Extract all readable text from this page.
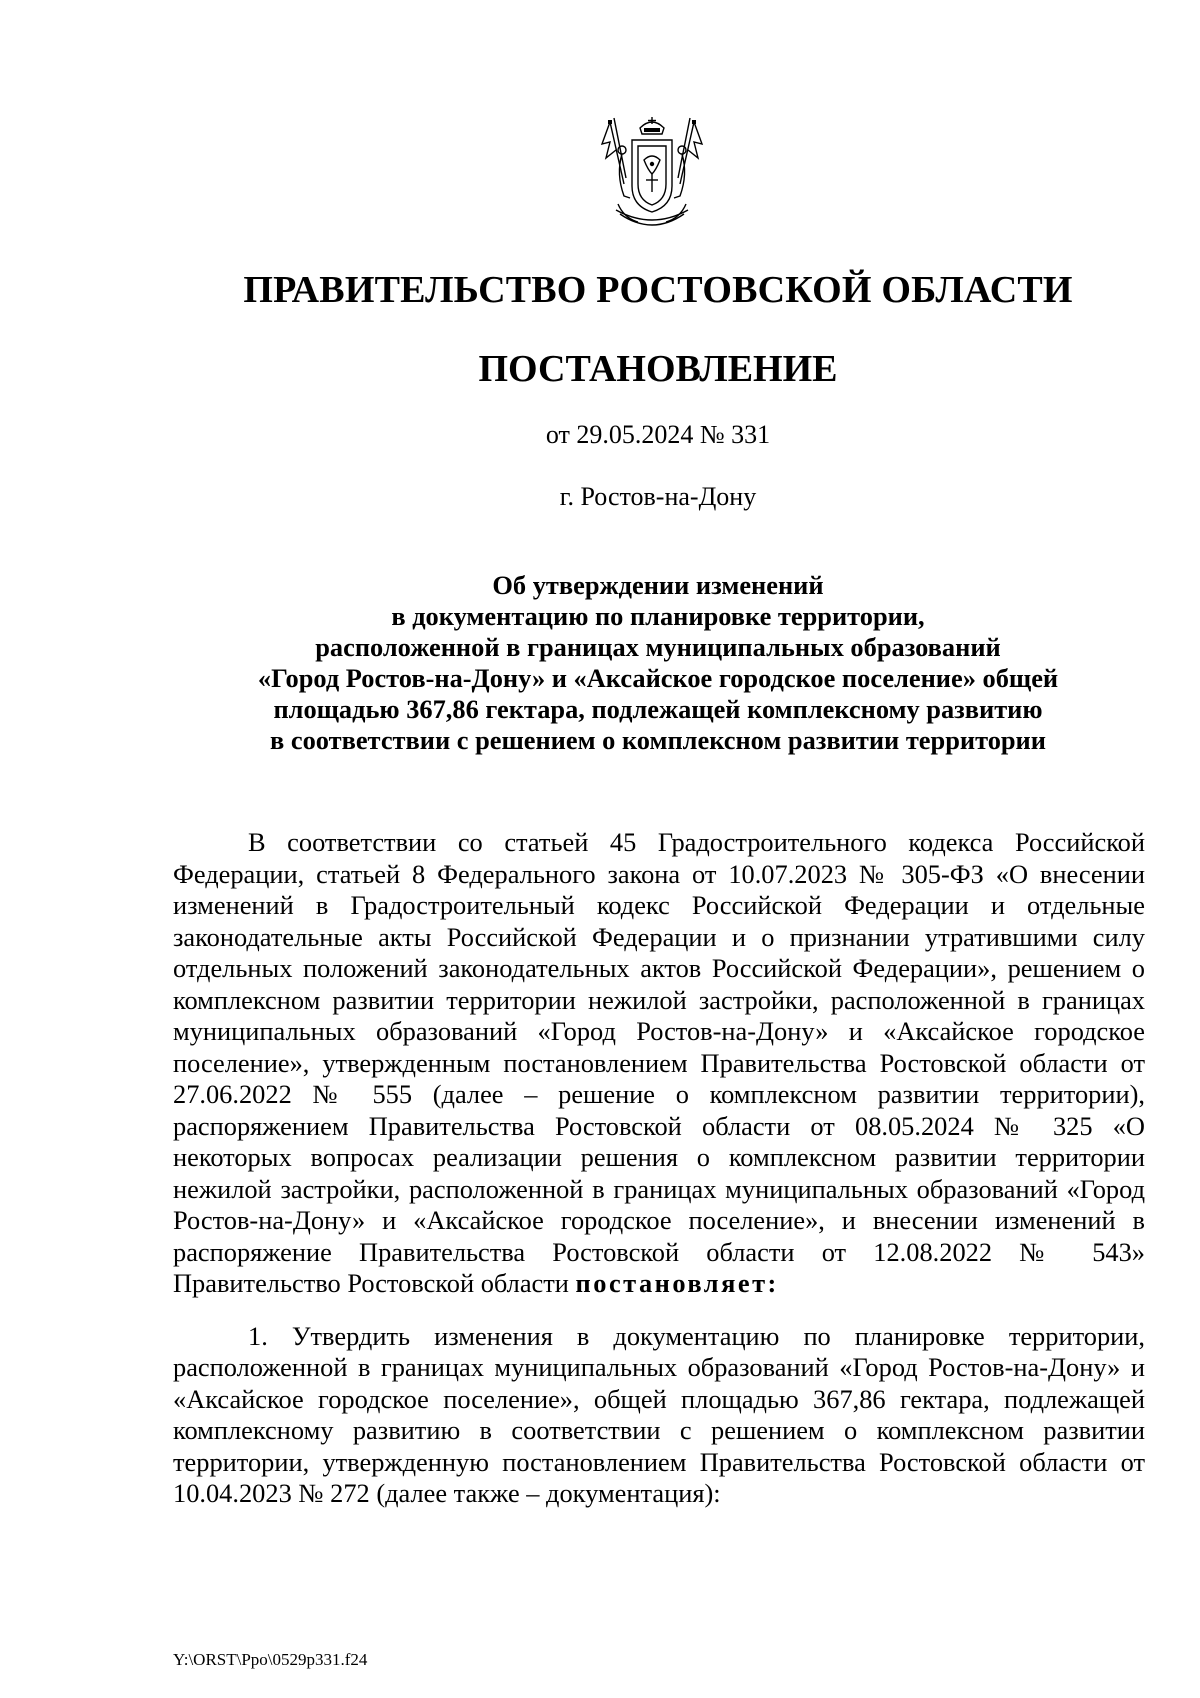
ПРАВИТЕЛЬСТВО РОСТОВСКОЙ ОБЛАСТИ
ПОСТАНОВЛЕНИЕ
от 29.05.2024 № 331
г. Ростов-на-Дону
Об утверждении изменений
в документацию по планировке территории,
расположенной в границах муниципальных образований
«Город Ростов-на-Дону» и «Аксайское городское поселение» общей
площадью 367,86 гектара, подлежащей комплексному развитию
в соответствии с решением о комплексном развитии территории

В соответствии со статьей 45 Градостроительного кодекса Российской Федерации, статьей 8 Федерального закона от 10.07.2023 № 305-ФЗ «О внесении изменений в Градостроительный кодекс Российской Федерации и отдельные законодательные акты Российской Федерации и о признании утратившими силу отдельных положений законодательных актов Российской Федерации», решением о комплексном развитии территории нежилой застройки, расположенной в границах муниципальных образований «Город Ростов-на-Дону» и «Аксайское городское поселение», утвержденным постановлением Правительства Ростовской области от 27.06.2022 № 555 (далее – решение о комплексном развитии территории), распоряжением Правительства Ростовской области от 08.05.2024 № 325 «О некоторых вопросах реализации решения о комплексном развитии территории нежилой застройки, расположенной в границах муниципальных образований «Город Ростов-на-Дону» и «Аксайское городское поселение», и внесении изменений в распоряжение Правительства Ростовской области от 12.08.2022 № 543» Правительство Ростовской области постановляет:

1. Утвердить изменения в документацию по планировке территории, расположенной в границах муниципальных образований «Город Ростов-на-Дону» и «Аксайское городское поселение», общей площадью 367,86 гектара, подлежащей комплексному развитию в соответствии с решением о комплексном развитии территории, утвержденную постановлением Правительства Ростовской области от 10.04.2023 № 272 (далее также – документация):

Y:\ORST\Ppo\0529p331.f24
